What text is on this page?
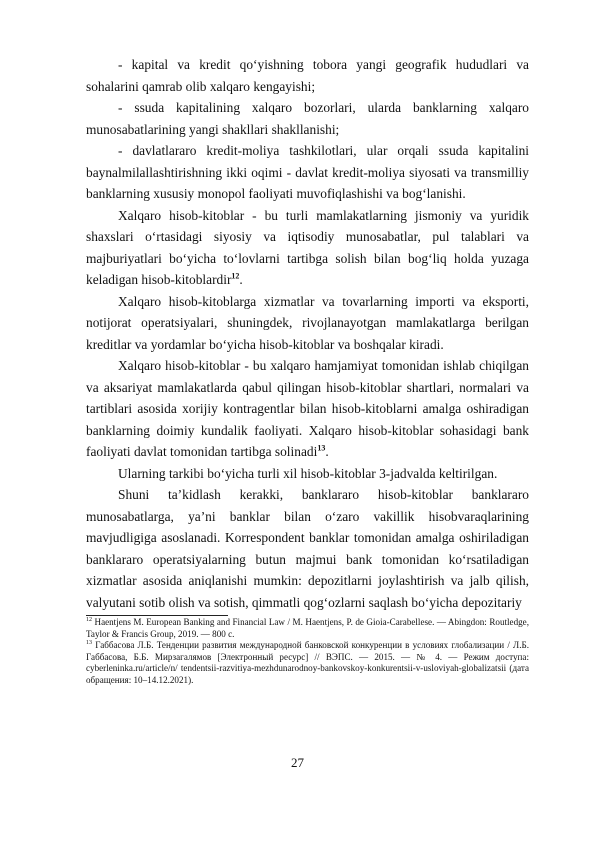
- kapital va kredit qo‘yishning tobora yangi geografik hududlari va sohalarini qamrab olib xalqaro kengayishi;

- ssuda kapitalining xalqaro bozorlari, ularda banklarning xalqaro munosabatlarining yangi shakllari shakllanishi;

- davlatlararo kredit-moliya tashkilotlari, ular orqali ssuda kapitalini baynalmilallashtirishning ikki oqimi - davlat kredit-moliya siyosati va transmilliy banklarning xususiy monopol faoliyati muvofiqlashishi va bog‘lanishi.

Xalqaro hisob-kitoblar - bu turli mamlakatlarning jismoniy va yuridik shaxslari o‘rtasidagi siyosiy va iqtisodiy munosabatlar, pul talablari va majburiyatlari bo‘yicha to‘lovlarni tartibga solish bilan bog‘liq holda yuzaga keladigan hisob-kitoblardir$^{12}$.

Xalqaro hisob-kitoblarga xizmatlar va tovarlarning importi va eksporti, notijorat operatsiyalari, shuningdek, rivojlanayotgan mamlakatlarga berilgan kreditlar va yordamlar bo‘yicha hisob-kitoblar va boshqalar kiradi.

Xalqaro hisob-kitoblar - bu xalqaro hamjamiyat tomonidan ishlab chiqilgan va aksariyat mamlakatlarda qabul qilingan hisob-kitoblar shartlari, normalari va tartiblari asosida xorijiy kontragentlar bilan hisob-kitoblarni amalga oshiradigan banklarning doimiy kundalik faoliyati. Xalqaro hisob-kitoblar sohasidagi bank faoliyati davlat tomonidan tartibga solinadi$^{13}$.

Ularning tarkibi bo‘yicha turli xil hisob-kitoblar 3-jadvalda keltirilgan.

Shuni ta’kidlash kerakki, banklararo hisob-kitoblar banklararo munosabatlarga, ya’ni banklar bilan o‘zaro vakillik hisobvaraqlarining mavjudligiga asoslanadi. Korrespondent banklar tomonidan amalga oshiriladigan banklararo operatsiyalarning butun majmui bank tomonidan ko‘rsatiladigan xizmatlar asosida aniqlanishi mumkin: depozitlarni joylashtirish va jalb qilish, valyutani sotib olish va sotish, qimmatli qog‘ozlarni saqlash bo‘yicha depozitariy

$^{12}$ Haentjens M. European Banking and Financial Law / M. Haentjens, P. de Gioia-Carabellese. — Abingdon: Routledge, Taylor & Francis Group, 2019. — 800 c.

$^{13}$ Габбасова Л.Б. Тенденции развития международной банковской конкуренции в условиях глобализации / Л.Б. Габбасова, Б.Б. Мирзагалямов [Электронный ресурс] // ВЭПС. — 2015. — № 4. — Режим доступа: cyberleninka.ru/article/n/ tendentsii-razvitiya-mezhdunarodnoy-bankovskoy-konkurentsii-v-usloviyah-globalizatsii (дата обращения: 10–14.12.2021).

27
